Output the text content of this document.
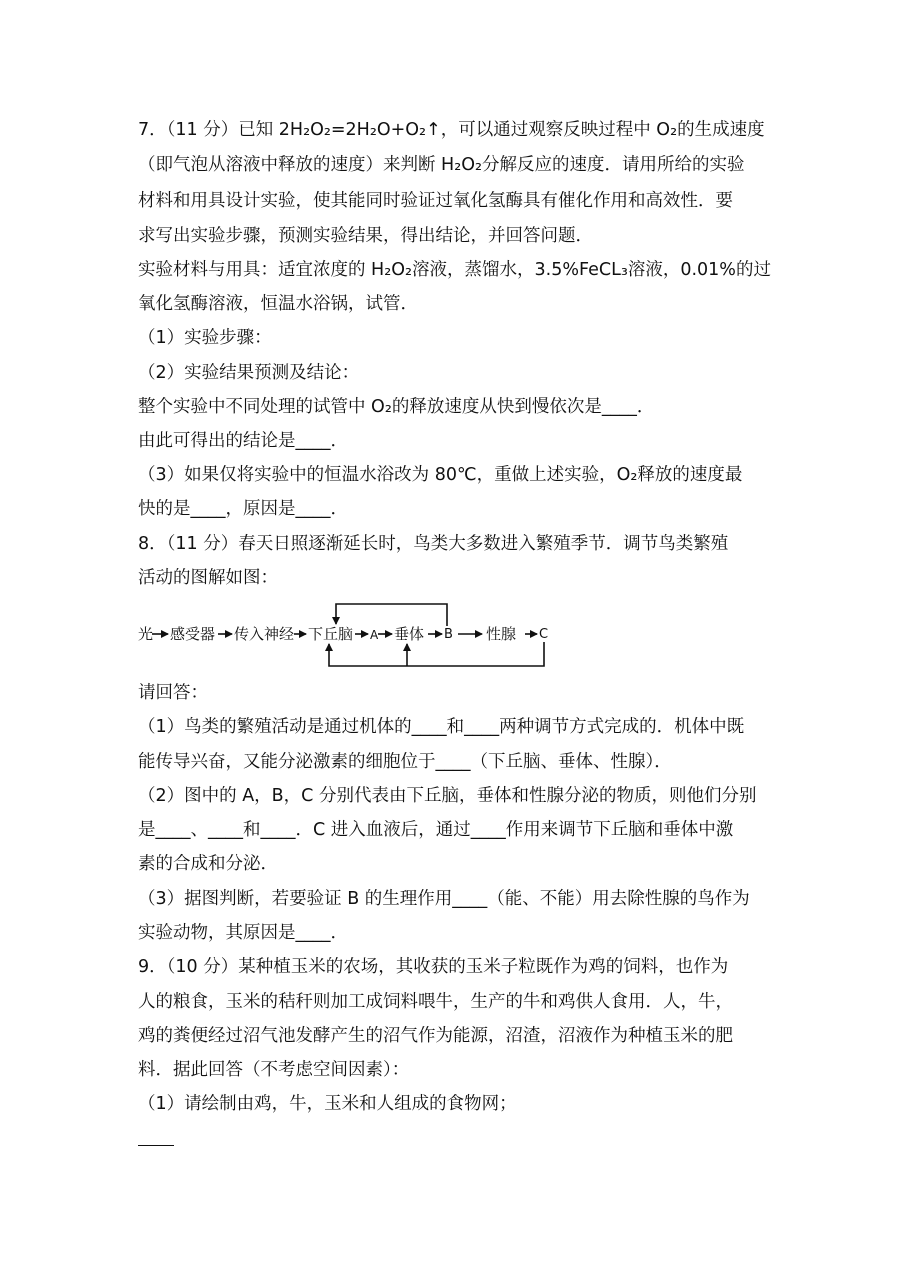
7．（11 分）已知 2H₂O₂=2H₂O+O₂↑，可以通过观察反映过程中 O₂的生成速度
（即气泡从溶液中释放的速度）来判断 H₂O₂分解反应的速度．请用所给的实验
材料和用具设计实验，使其能同时验证过氧化氢酶具有催化作用和高效性．要
求写出实验步骤，预测实验结果，得出结论，并回答问题．
实验材料与用具：适宜浓度的 H₂O₂溶液，蒸馏水，3.5%FeCL₃溶液，0.01%的过
氧化氢酶溶液，恒温水浴锅，试管．
（1）实验步骤：
（2）实验结果预测及结论：
整个实验中不同处理的试管中 O₂的释放速度从快到慢依次是____．
由此可得出的结论是____．
（3）如果仅将实验中的恒温水浴改为 80℃，重做上述实验，O₂释放的速度最
快的是____，原因是____．
8．（11 分）春天日照逐渐延长时，鸟类大多数进入繁殖季节．调节鸟类繁殖
活动的图解如图：
光 感受器 传入神经 下丘脑 A 垂体 B 性腺 C
请回答：
（1）鸟类的繁殖活动是通过机体的____和____两种调节方式完成的．机体中既
能传导兴奋，又能分泌激素的细胞位于____（下丘脑、垂体、性腺）．
（2）图中的 A，B，C 分别代表由下丘脑，垂体和性腺分泌的物质，则他们分别
是____、____和____．C 进入血液后，通过____作用来调节下丘脑和垂体中激
素的合成和分泌．
（3）据图判断，若要验证 B 的生理作用____（能、不能）用去除性腺的鸟作为
实验动物，其原因是____．
9．（10 分）某种植玉米的农场，其收获的玉米子粒既作为鸡的饲料，也作为
人的粮食，玉米的秸秆则加工成饲料喂牛，生产的牛和鸡供人食用．人，牛，
鸡的粪便经过沼气池发酵产生的沼气作为能源，沼渣，沼液作为种植玉米的肥
料．据此回答（不考虑空间因素）：
（1）请绘制由鸡，牛，玉米和人组成的食物网；
